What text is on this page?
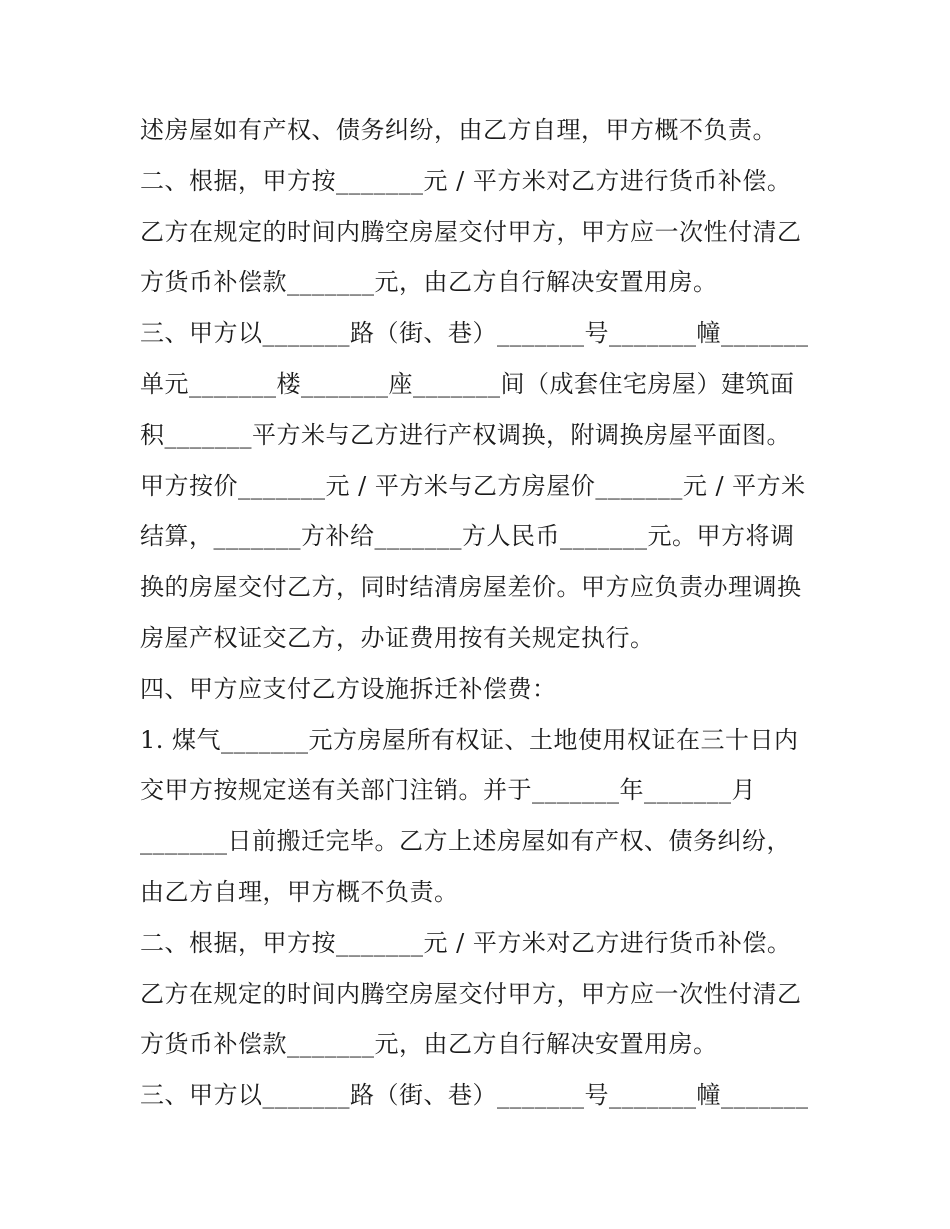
述房屋如有产权、债务纠纷，由乙方自理，甲方概不负责。
二、根据，甲方按_______元 / 平方米对乙方进行货币补偿。
乙方在规定的时间内腾空房屋交付甲方，甲方应一次性付清乙
方货币补偿款_______元，由乙方自行解决安置用房。
三、甲方以_______路（街、巷）_______号_______幢_______
单元_______楼_______座_______间（成套住宅房屋）建筑面
积_______平方米与乙方进行产权调换，附调换房屋平面图。
甲方按价_______元 / 平方米与乙方房屋价_______元 / 平方米
结算，_______方补给_______方人民币_______元。甲方将调
换的房屋交付乙方，同时结清房屋差价。甲方应负责办理调换
房屋产权证交乙方，办证费用按有关规定执行。
四、甲方应支付乙方设施拆迁补偿费：
1. 煤气_______元方房屋所有权证、土地使用权证在三十日内
交甲方按规定送有关部门注销。并于_______年_______月
_______日前搬迁完毕。乙方上述房屋如有产权、债务纠纷，
由乙方自理，甲方概不负责。
二、根据，甲方按_______元 / 平方米对乙方进行货币补偿。
乙方在规定的时间内腾空房屋交付甲方，甲方应一次性付清乙
方货币补偿款_______元，由乙方自行解决安置用房。
三、甲方以_______路（街、巷）_______号_______幢_______
